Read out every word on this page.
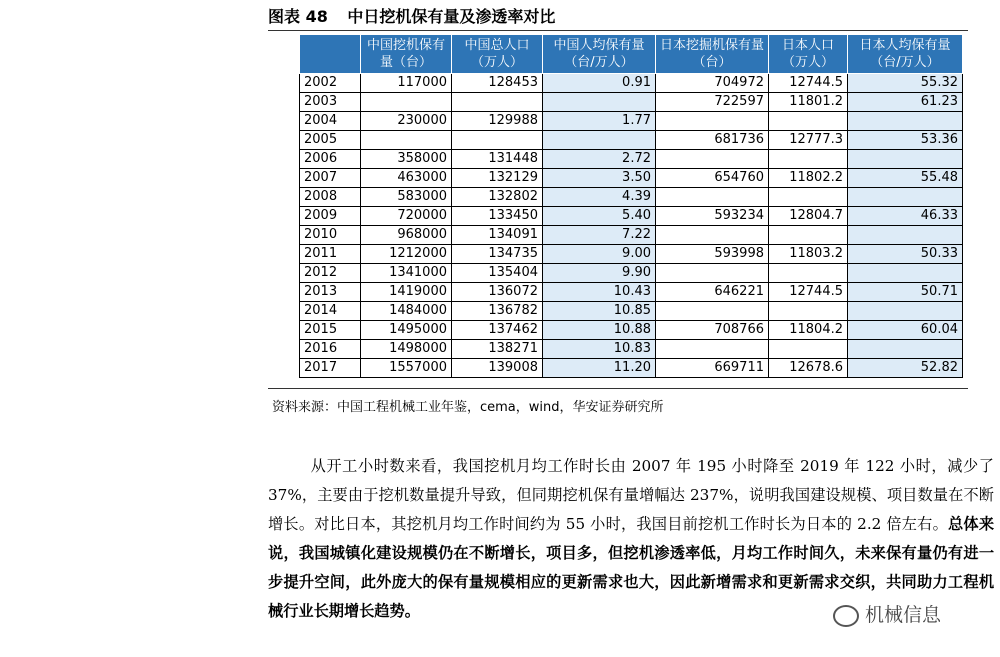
图表 48 中日挖机保有量及渗透率对比
	中国挖机保有量（台）	中国总人口（万人）	中国人均保有量（台/万人）	日本挖掘机保有量（台）	日本人口（万人）	日本人均保有量（台/万人）
2002	117000	128453	0.91	704972	12744.5	55.32
2003				722597	11801.2	61.23
2004	230000	129988	1.77			
2005				681736	12777.3	53.36
2006	358000	131448	2.72			
2007	463000	132129	3.50	654760	11802.2	55.48
2008	583000	132802	4.39			
2009	720000	133450	5.40	593234	12804.7	46.33
2010	968000	134091	7.22			
2011	1212000	134735	9.00	593998	11803.2	50.33
2012	1341000	135404	9.90			
2013	1419000	136072	10.43	646221	12744.5	50.71
2014	1484000	136782	10.85			
2015	1495000	137462	10.88	708766	11804.2	60.04
2016	1498000	138271	10.83			
2017	1557000	139008	11.20	669711	12678.6	52.82
资料来源：中国工程机械工业年鉴，cema，wind，华安证券研究所
从开工小时数来看，我国挖机月均工作时长由 2007 年 195 小时降至 2019 年 122 小时，减少了 37%，主要由于挖机数量提升导致，但同期挖机保有量增幅达 237%，说明我国建设规模、项目数量在不断增长。对比日本，其挖机月均工作时间约为 55 小时，我国目前挖机工作时长为日本的 2.2 倍左右。总体来说，我国城镇化建设规模仍在不断增长，项目多，但挖机渗透率低，月均工作时间久，未来保有量仍有进一步提升空间，此外庞大的保有量规模相应的更新需求也大，因此新增需求和更新需求交织，共同助力工程机械行业长期增长趋势。	机械信息
